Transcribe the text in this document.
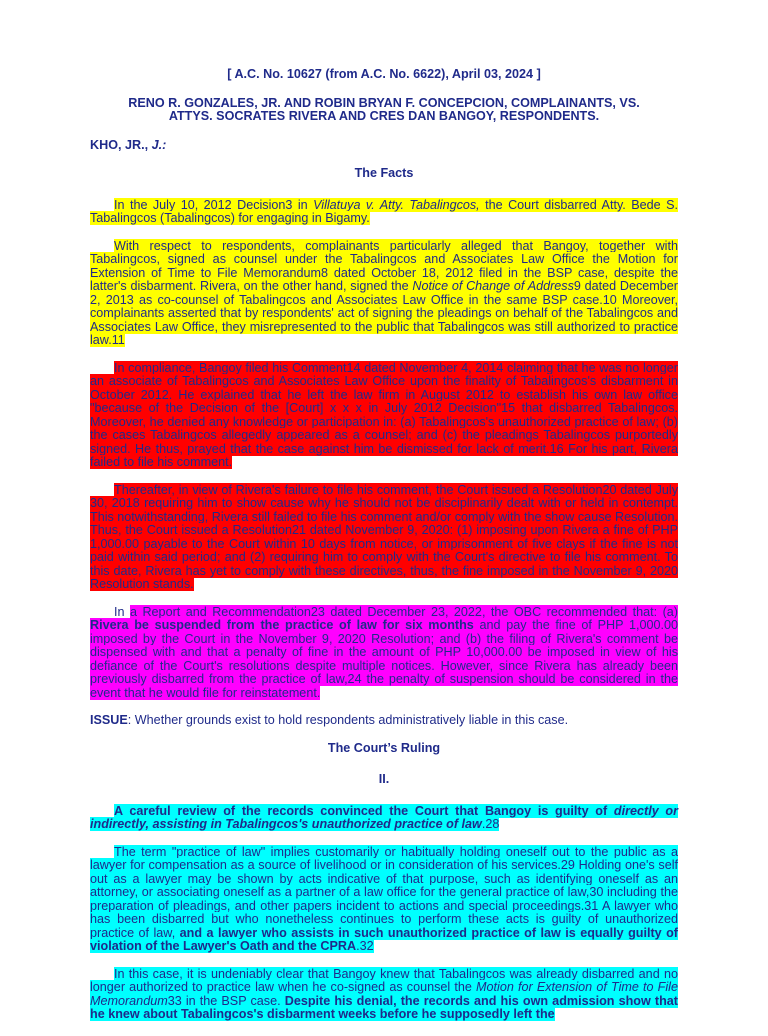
[ A.C. No. 10627 (from A.C. No. 6622), April 03, 2024 ]
RENO R. GONZALES, JR. AND ROBIN BRYAN F. CONCEPCION, COMPLAINANTS, VS.
ATTYS. SOCRATES RIVERA AND CRES DAN BANGOY, RESPONDENTS.
KHO, JR., J.:
The Facts

In the July 10, 2012 Decision3 in Villatuya v. Atty. Tabalingcos, the Court disbarred Atty. Bede S. Tabalingcos (Tabalingcos) for engaging in Bigamy.

With respect to respondents, complainants particularly alleged that Bangoy, together with Tabalingcos, signed as counsel under the Tabalingcos and Associates Law Office the Motion for Extension of Time to File Memorandum8 dated October 18, 2012 filed in the BSP case, despite the latter's disbarment. Rivera, on the other hand, signed the Notice of Change of Address9 dated December 2, 2013 as co-counsel of Tabalingcos and Associates Law Office in the same BSP case.10 Moreover, complainants asserted that by respondents' act of signing the pleadings on behalf of the Tabalingcos and Associates Law Office, they misrepresented to the public that Tabalingcos was still authorized to practice law.11

In compliance, Bangoy filed his Comment14 dated November 4, 2014 claiming that he was no longer an associate of Tabalingcos and Associates Law Office upon the finality of Tabalingcos's disbarment in October 2012. He explained that he left the law firm in August 2012 to establish his own law office "because of the Decision of the [Court] x x x in July 2012 Decision"15 that disbarred Tabalingcos. Moreover, he denied any knowledge or participation in: (a) Tabalingcos's unauthorized practice of law; (b) the cases Tabalingcos allegedly appeared as a counsel; and (c) the pleadings Tabalingcos purportedly signed. He thus, prayed that the case against him be dismissed for lack of merit.16 For his part, Rivera failed to file his comment.

Thereafter, in view of Rivera's failure to file his comment, the Court issued a Resolution20 dated July 30, 2018 requiring him to show cause why he should not be disciplinarily dealt with or held in contempt. This notwithstanding, Rivera still failed to file his comment and/or comply with the show cause Resolution. Thus, the Court issued a Resolution21 dated November 9, 2020: (1) imposing upon Rivera a fine of PHP 1,000.00 payable to the Court within 10 days from notice, or imprisonment of five clays if the fine is not paid within said period; and (2) requiring him to comply with the Court's directive to file his comment. To this date, Rivera has yet to comply with these directives, thus, the fine imposed in the November 9, 2020 Resolution stands.

In a Report and Recommendation23 dated December 23, 2022, the OBC recommended that: (a) Rivera be suspended from the practice of law for six months and pay the fine of PHP 1,000.00 imposed by the Court in the November 9, 2020 Resolution; and (b) the filing of Rivera's comment be dispensed with and that a penalty of fine in the amount of PHP 10,000.00 be imposed in view of his defiance of the Court's resolutions despite multiple notices. However, since Rivera has already been previously disbarred from the practice of law,24 the penalty of suspension should be considered in the event that he would file for reinstatement.

ISSUE: Whether grounds exist to hold respondents administratively liable in this case.

The Court’s Ruling
II.

A careful review of the records convinced the Court that Bangoy is guilty of directly or indirectly, assisting in Tabalingcos's unauthorized practice of law.28

The term "practice of law" implies customarily or habitually holding oneself out to the public as a lawyer for compensation as a source of livelihood or in consideration of his services.29 Holding one's self out as a lawyer may be shown by acts indicative of that purpose, such as identifying oneself as an attorney, or associating oneself as a partner of a law office for the general practice of law,30 including the preparation of pleadings, and other papers incident to actions and special proceedings.31 A lawyer who has been disbarred but who nonetheless continues to perform these acts is guilty of unauthorized practice of law, and a lawyer who assists in such unauthorized practice of law is equally guilty of violation of the Lawyer's Oath and the CPRA.32

In this case, it is undeniably clear that Bangoy knew that Tabalingcos was already disbarred and no longer authorized to practice law when he co-signed as counsel the Motion for Extension of Time to File Memorandum33 in the BSP case. Despite his denial, the records and his own admission show that he knew about Tabalingcos's disbarment weeks before he supposedly left the
